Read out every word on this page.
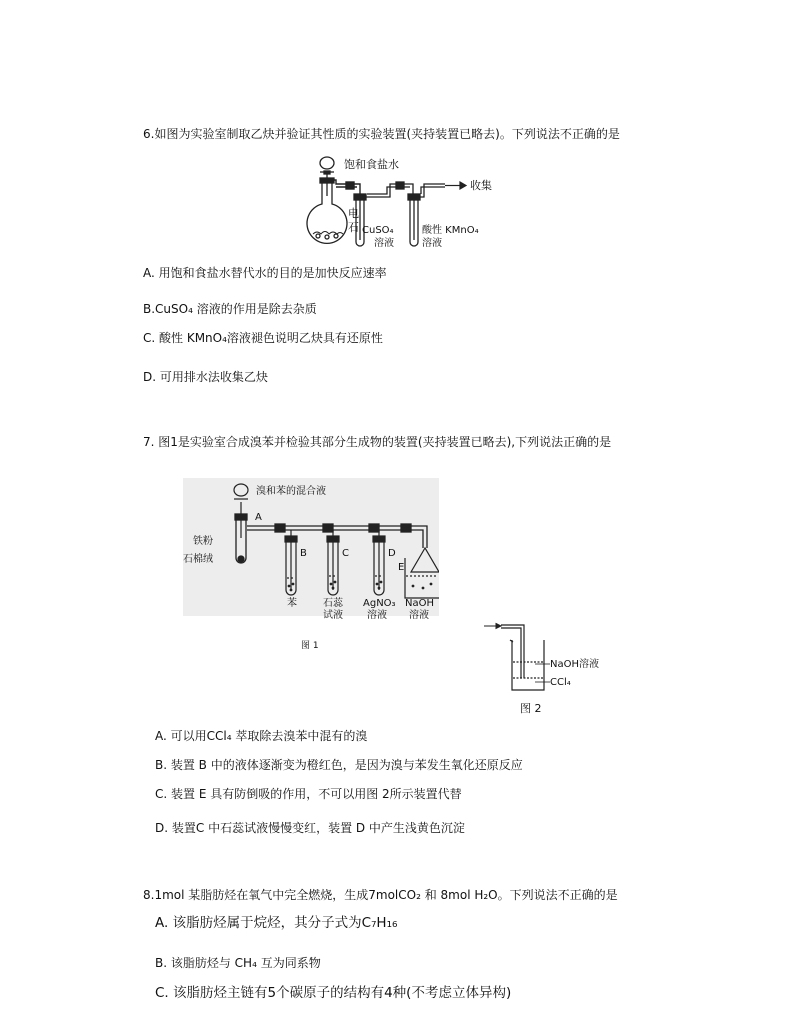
6.如图为实验室制取乙炔并验证其性质的实验装置(夹持装置已略去)。下列说法不正确的是
饱和食盐水
收集
电
石 CuSO₄
溶液
酸性 KMnO₄
溶液
A. 用饱和食盐水替代水的目的是加快反应速率
B.CuSO₄ 溶液的作用是除去杂质
C. 酸性 KMnO₄溶液褪色说明乙炔具有还原性
D. 可用排水法收集乙炔
7. 图1是实验室合成溴苯并检验其部分生成物的装置(夹持装置已略去),下列说法正确的是
溴和苯的混合液
A
铁粉
石棉绒
B	C	D
E
苯	石蕊
试液
AgNO₃
溶液
NaOH
溶液
图 1
NaOH溶液
CCl₄
图 2
A. 可以用CCl₄ 萃取除去溴苯中混有的溴
B. 装置 B 中的液体逐渐变为橙红色，是因为溴与苯发生氧化还原反应
C. 装置 E 具有防倒吸的作用，不可以用图 2所示装置代替
D. 装置C 中石蕊试液慢慢变红，装置 D 中产生浅黄色沉淀
8.1mol 某脂肪烃在氧气中完全燃烧，生成7molCO₂ 和 8mol H₂O。下列说法不正确的是
A. 该脂肪烃属于烷烃，其分子式为C₇H₁₆
B. 该脂肪烃与 CH₄ 互为同系物
C. 该脂肪烃主链有5个碳原子的结构有4种(不考虑立体异构)
